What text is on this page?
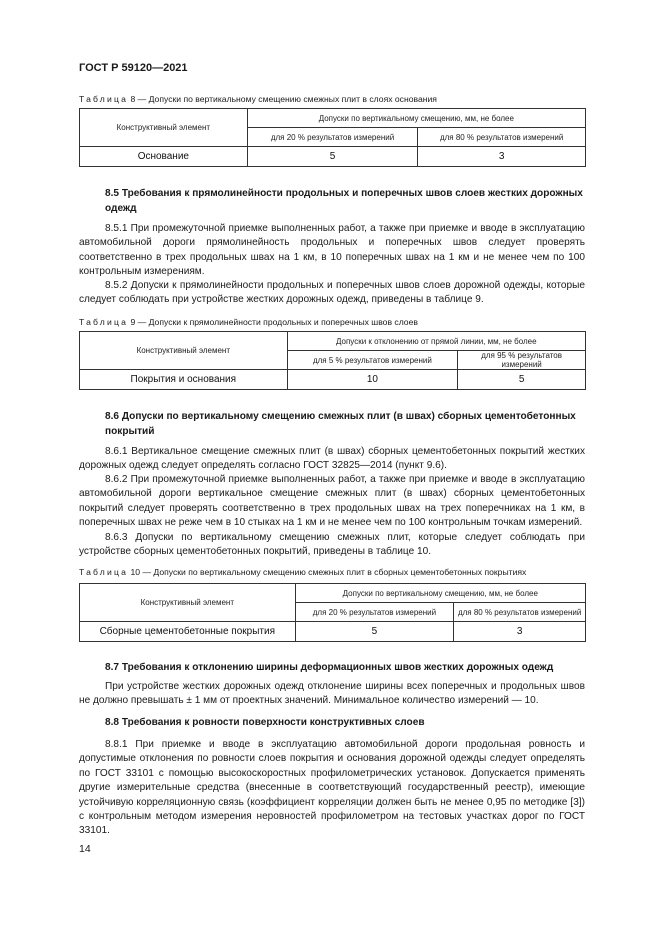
ГОСТ Р 59120—2021
Таблица 8 — Допуски по вертикальному смещению смежных плит в слоях основания
Конструктивный элемент	Допуски по вертикальному смещению, мм, не более	
	для 20 % результатов измерений	для 80 % результатов измерений
Основание	5	3
8.5 Требования к прямолинейности продольных и поперечных швов слоев жестких дорожных одежд
8.5.1 При промежуточной приемке выполненных работ, а также при приемке и вводе в эксплуатацию автомобильной дороги прямолинейность продольных и поперечных швов следует проверять соответственно в трех продольных швах на 1 км, в 10 поперечных швах на 1 км и не менее чем по 100 контрольным измерениям.
8.5.2 Допуски к прямолинейности продольных и поперечных швов слоев дорожной одежды, которые следует соблюдать при устройстве жестких дорожных одежд, приведены в таблице 9.
Таблица 9 — Допуски к прямолинейности продольных и поперечных швов слоев
Конструктивный элемент	Допуски к отклонению от прямой линии, мм, не более	
	для 5 % результатов измерений	для 95 % результатов измерений
Покрытия и основания	10	5
8.6 Допуски по вертикальному смещению смежных плит (в швах) сборных цементобетонных покрытий
8.6.1 Вертикальное смещение смежных плит (в швах) сборных цементобетонных покрытий жестких дорожных одежд следует определять согласно ГОСТ 32825—2014 (пункт 9.6).
8.6.2 При промежуточной приемке выполненных работ, а также при приемке и вводе в эксплуатацию автомобильной дороги вертикальное смещение смежных плит (в швах) сборных цементобетонных покрытий следует проверять соответственно в трех продольных швах на трех поперечниках на 1 км, в поперечных швах не реже чем в 10 стыках на 1 км и не менее чем по 100 контрольным точкам измерений.
8.6.3 Допуски по вертикальному смещению смежных плит, которые следует соблюдать при устройстве сборных цементобетонных покрытий, приведены в таблице 10.
Таблица 10 — Допуски по вертикальному смещению смежных плит в сборных цементобетонных покрытиях
Конструктивный элемент	Допуски по вертикальному смещению, мм, не более	
	для 20 % результатов измерений	для 80 % результатов измерений
Сборные цементобетонные покрытия	5	3
8.7 Требования к отклонению ширины деформационных швов жестких дорожных одежд
При устройстве жестких дорожных одежд отклонение ширины всех поперечных и продольных швов не должно превышать ± 1 мм от проектных значений. Минимальное количество измерений — 10.
8.8 Требования к ровности поверхности конструктивных слоев
8.8.1 При приемке и вводе в эксплуатацию автомобильной дороги продольная ровность и допустимые отклонения по ровности слоев покрытия и основания дорожной одежды следует определять по ГОСТ 33101 с помощью высокоскоростных профилометрических установок. Допускается применять другие измерительные средства (внесенные в соответствующий государственный реестр), имеющие устойчивую корреляционную связь (коэффициент корреляции должен быть не менее 0,95 по методике [3]) с контрольным методом измерения неровностей профилометром на тестовых участках дорог по ГОСТ 33101.
14
